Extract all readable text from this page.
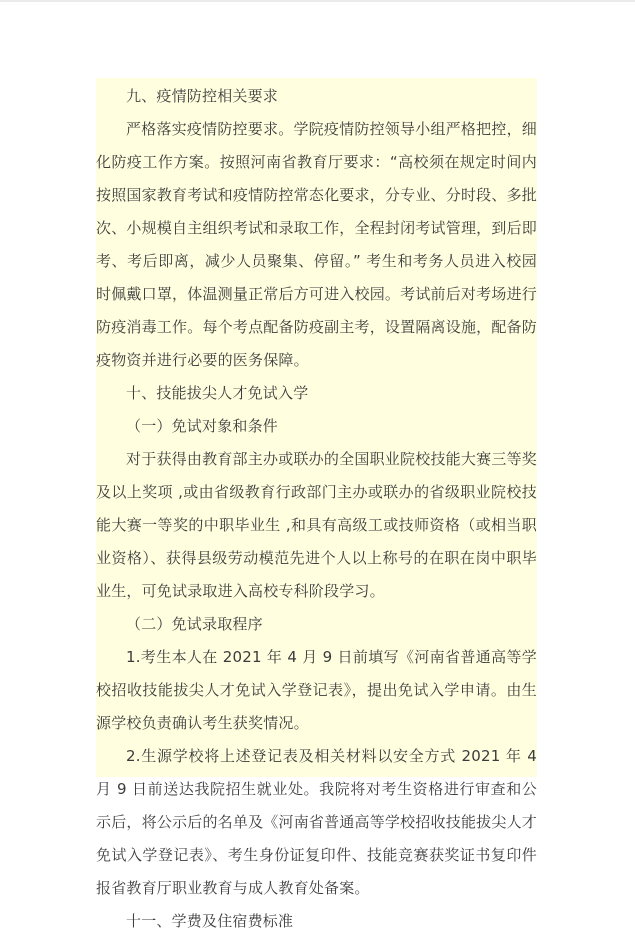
九、疫情防控相关要求

严格落实疫情防控要求。学院疫情防控领导小组严格把控，细化防疫工作方案。按照河南省教育厅要求：“高校须在规定时间内按照国家教育考试和疫情防控常态化要求，分专业、分时段、多批次、小规模自主组织考试和录取工作，全程封闭考试管理，到后即考、考后即离，减少人员聚集、停留。” 考生和考务人员进入校园时佩戴口罩，体温测量正常后方可进入校园。考试前后对考场进行防疫消毒工作。每个考点配备防疫副主考，设置隔离设施，配备防疫物资并进行必要的医务保障。

十、技能拔尖人才免试入学

（一）免试对象和条件

对于获得由教育部主办或联办的全国职业院校技能大赛三等奖及以上奖项 ,或由省级教育行政部门主办或联办的省级职业院校技能大赛一等奖的中职毕业生 ,和具有高级工或技师资格（或相当职业资格）、获得县级劳动模范先进个人以上称号的在职在岗中职毕业生，可免试录取进入高校专科阶段学习。

（二）免试录取程序

1.考生本人在 2021 年 4 月 9 日前填写《河南省普通高等学校招收技能拔尖人才免试入学登记表》，提出免试入学申请。由生源学校负责确认考生获奖情况。

2.生源学校将上述登记表及相关材料以安全方式 2021 年 4 月 9 日前送达我院招生就业处。我院将对考生资格进行审查和公示后，将公示后的名单及《河南省普通高等学校招收技能拔尖人才免试入学登记表》、考生身份证复印件、技能竞赛获奖证书复印件报省教育厅职业教育与成人教育处备案。

十一、学费及住宿费标准
